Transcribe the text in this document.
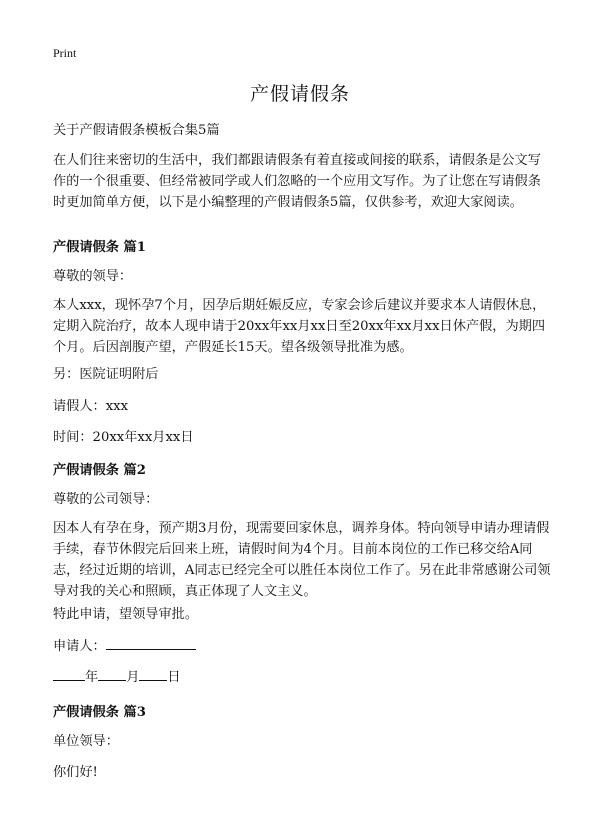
Print
产假请假条
关于产假请假条模板合集5篇
在人们往来密切的生活中，我们都跟请假条有着直接或间接的联系，请假条是公文写作的一个很重要、但经常被同学或人们忽略的一个应用文写作。为了让您在写请假条时更加简单方便，以下是小编整理的产假请假条5篇，仅供参考，欢迎大家阅读。
产假请假条 篇1
尊敬的领导：
本人xxx，现怀孕7个月，因孕后期妊娠反应，专家会诊后建议并要求本人请假休息，定期入院治疗，故本人现申请于20xx年xx月xx日至20xx年xx月xx日休产假，为期四个月。后因剖腹产望，产假延长15天。望各级领导批准为感。
另：医院证明附后
请假人：xxx
时间：20xx年xx月xx日
产假请假条 篇2
尊敬的公司领导：
因本人有孕在身，预产期3月份，现需要回家休息，调养身体。特向领导申请办理请假手续，春节休假完后回来上班，请假时间为4个月。目前本岗位的工作已移交给A同志，经过近期的培训，A同志已经完全可以胜任本岗位工作了。另在此非常感谢公司领导对我的关心和照顾，真正体现了人文主义。
特此申请，望领导审批。
申请人：
年 月 日
产假请假条 篇3
单位领导：
你们好!
